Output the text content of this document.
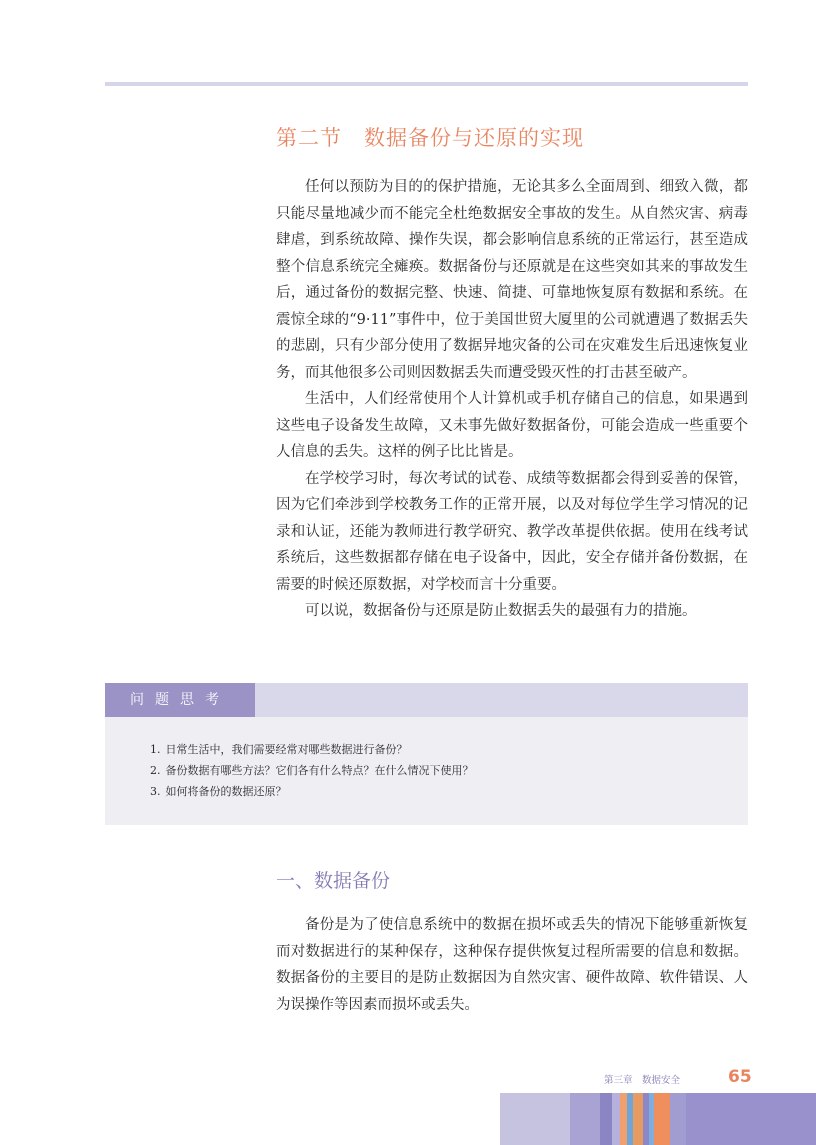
第二节　数据备份与还原的实现

任何以预防为目的的保护措施，无论其多么全面周到、细致入微，都只能尽量地减少而不能完全杜绝数据安全事故的发生。从自然灾害、病毒肆虐，到系统故障、操作失误，都会影响信息系统的正常运行，甚至造成整个信息系统完全瘫痪。数据备份与还原就是在这些突如其来的事故发生后，通过备份的数据完整、快速、简捷、可靠地恢复原有数据和系统。在震惊全球的“9·11”事件中，位于美国世贸大厦里的公司就遭遇了数据丢失的悲剧，只有少部分使用了数据异地灾备的公司在灾难发生后迅速恢复业务，而其他很多公司则因数据丢失而遭受毁灭性的打击甚至破产。

生活中，人们经常使用个人计算机或手机存储自己的信息，如果遇到这些电子设备发生故障，又未事先做好数据备份，可能会造成一些重要个人信息的丢失。这样的例子比比皆是。

在学校学习时，每次考试的试卷、成绩等数据都会得到妥善的保管，因为它们牵涉到学校教务工作的正常开展，以及对每位学生学习情况的记录和认证，还能为教师进行教学研究、教学改革提供依据。使用在线考试系统后，这些数据都存储在电子设备中，因此，安全存储并备份数据，在需要的时候还原数据，对学校而言十分重要。

可以说，数据备份与还原是防止数据丢失的最强有力的措施。

问题思考
1. 日常生活中，我们需要经常对哪些数据进行备份？
2. 备份数据有哪些方法？它们各有什么特点？在什么情况下使用？
3. 如何将备份的数据还原？
一、数据备份

备份是为了使信息系统中的数据在损坏或丢失的情况下能够重新恢复而对数据进行的某种保存，这种保存提供恢复过程所需要的信息和数据。数据备份的主要目的是防止数据因为自然灾害、硬件故障、软件错误、人为误操作等因素而损坏或丢失。

第三章　数据安全	65
